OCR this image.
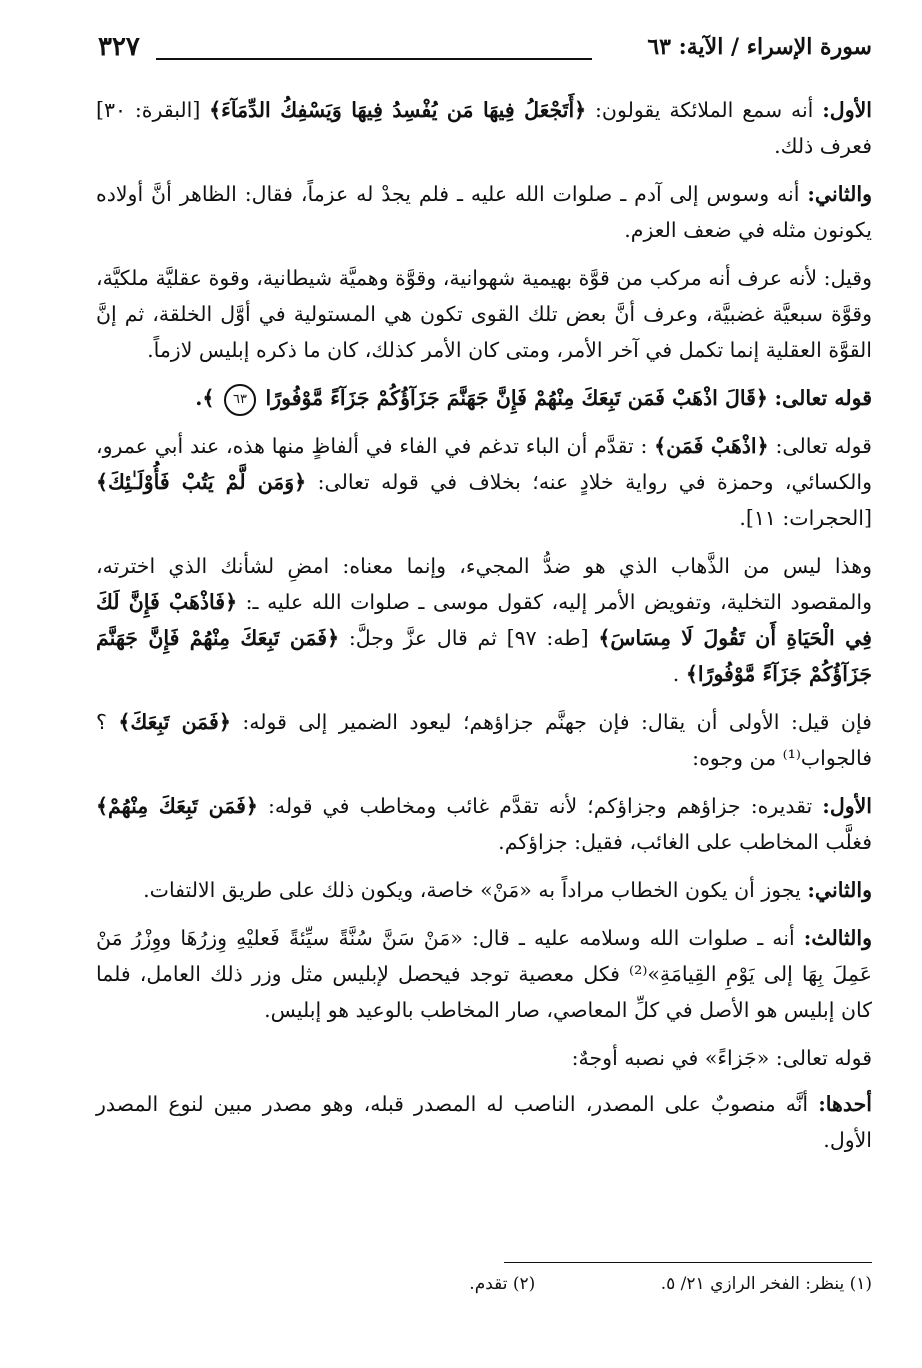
سورة الإسراء / الآية: ٦٣
٣٢٧

الأول: أنه سمع الملائكة يقولون: ﴿أَتَجْعَلُ فِيهَا مَن يُفْسِدُ فِيهَا وَيَسْفِكُ الدِّمَآءَ﴾ [البقرة: ٣٠] فعرف ذلك.

والثاني: أنه وسوس إلى آدم ـ صلوات الله عليه ـ فلم يجدْ له عزماً، فقال: الظاهر أنَّ أولاده يكونون مثله في ضعف العزم.

وقيل: لأنه عرف أنه مركب من قوَّة بهيمية شهوانية، وقوَّة وهميَّة شيطانية، وقوة عقليَّة ملكيَّة، وقوَّة سبعيَّة غضبيَّة، وعرف أنَّ بعض تلك القوى تكون هي المستولية في أوَّل الخلقة، ثم إنَّ القوَّة العقلية إنما تكمل في آخر الأمر، ومتى كان الأمر كذلك، كان ما ذكره إبليس لازماً.

قوله تعالى: ﴿قَالَ اذْهَبْ فَمَن تَبِعَكَ مِنْهُمْ فَإِنَّ جَهَنَّمَ جَزَآؤُكُمْ جَزَآءً مَّوْفُورًا ٦٣ ﴾.

قوله تعالى: ﴿اذْهَبْ فَمَن﴾ : تقدَّم أن الباء تدغم في الفاء في ألفاظٍ منها هذه، عند أبي عمرو، والكسائي، وحمزة في رواية خلادٍ عنه؛ بخلاف في قوله تعالى: ﴿وَمَن لَّمْ يَتُبْ فَأُوْلَـٰئِكَ﴾ [الحجرات: ١١].

وهذا ليس من الذَّهاب الذي هو ضدُّ المجيء، وإنما معناه: امضِ لشأنك الذي اخترته، والمقصود التخلية، وتفويض الأمر إليه، كقول موسى ـ صلوات الله عليه ـ: ﴿فَاذْهَبْ فَإِنَّ لَكَ فِي الْحَيَاةِ أَن تَقُولَ لَا مِسَاسَ﴾ [طه: ٩٧] ثم قال عزَّ وجلَّ: ﴿فَمَن تَبِعَكَ مِنْهُمْ فَإِنَّ جَهَنَّمَ جَزَآؤُكُمْ جَزَآءً مَّوْفُورًا﴾ .

فإن قيل: الأولى أن يقال: فإن جهنَّم جزاؤهم؛ ليعود الضمير إلى قوله: ﴿فَمَن تَبِعَكَ﴾ ؟ فالجواب⁽¹⁾ من وجوه:

الأول: تقديره: جزاؤهم وجزاؤكم؛ لأنه تقدَّم غائب ومخاطب في قوله: ﴿فَمَن تَبِعَكَ مِنْهُمْ﴾ فغلَّب المخاطب على الغائب، فقيل: جزاؤكم.

والثاني: يجوز أن يكون الخطاب مراداً به «مَنْ» خاصة، ويكون ذلك على طريق الالتفات.

والثالث: أنه ـ صلوات الله وسلامه عليه ـ قال: «مَنْ سَنَّ سُنَّةً سيِّئةً فَعليْهِ وِزرُهَا ووِزْرُ مَنْ عَمِلَ بِهَا إلى يَوْمِ القِيامَةِ»⁽²⁾ فكل معصية توجد فيحصل لإبليس مثل وزر ذلك العامل، فلما كان إبليس هو الأصل في كلِّ المعاصي، صار المخاطب بالوعيد هو إبليس.

قوله تعالى: «جَزاءً» في نصبه أوجهٌ:

أحدها: أنَّه منصوبٌ على المصدر، الناصب له المصدر قبله، وهو مصدر مبين لنوع المصدر الأول.

(١) ينظر: الفخر الرازي ٢١/ ٥. (٢) تقدم.
